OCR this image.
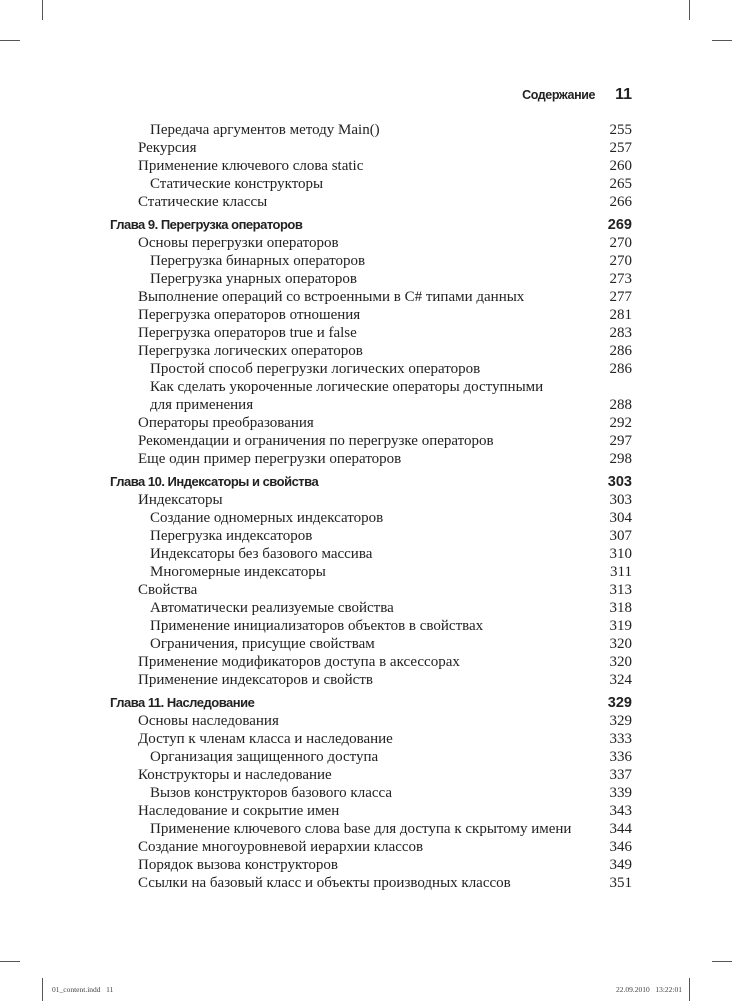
Содержание 11
Передача аргументов методу Main()	255
Рекурсия	257
Применение ключевого слова static	260
Статические конструкторы	265
Статические классы	266
Глава 9. Перегрузка операторов	269
Основы перегрузки операторов	270
Перегрузка бинарных операторов	270
Перегрузка унарных операторов	273
Выполнение операций со встроенными в C# типами данных	277
Перегрузка операторов отношения	281
Перегрузка операторов true и false	283
Перегрузка логических операторов	286
Простой способ перегрузки логических операторов	286
Как сделать укороченные логические операторы доступными
для применения	288
Операторы преобразования	292
Рекомендации и ограничения по перегрузке операторов	297
Еще один пример перегрузки операторов	298
Глава 10. Индексаторы и свойства	303
Индексаторы	303
Создание одномерных индексаторов	304
Перегрузка индексаторов	307
Индексаторы без базового массива	310
Многомерные индексаторы	311
Свойства	313
Автоматически реализуемые свойства	318
Применение инициализаторов объектов в свойствах	319
Ограничения, присущие свойствам	320
Применение модификаторов доступа в аксессорах	320
Применение индексаторов и свойств	324
Глава 11. Наследование	329
Основы наследования	329
Доступ к членам класса и наследование	333
Организация защищенного доступа	336
Конструкторы и наследование	337
Вызов конструкторов базового класса	339
Наследование и сокрытие имен	343
Применение ключевого слова base для доступа к скрытому имени	344
Создание многоуровневой иерархии классов	346
Порядок вызова конструкторов	349
Ссылки на базовый класс и объекты производных классов	351
01_content.indd   11	22.09.2010   13:22:01
